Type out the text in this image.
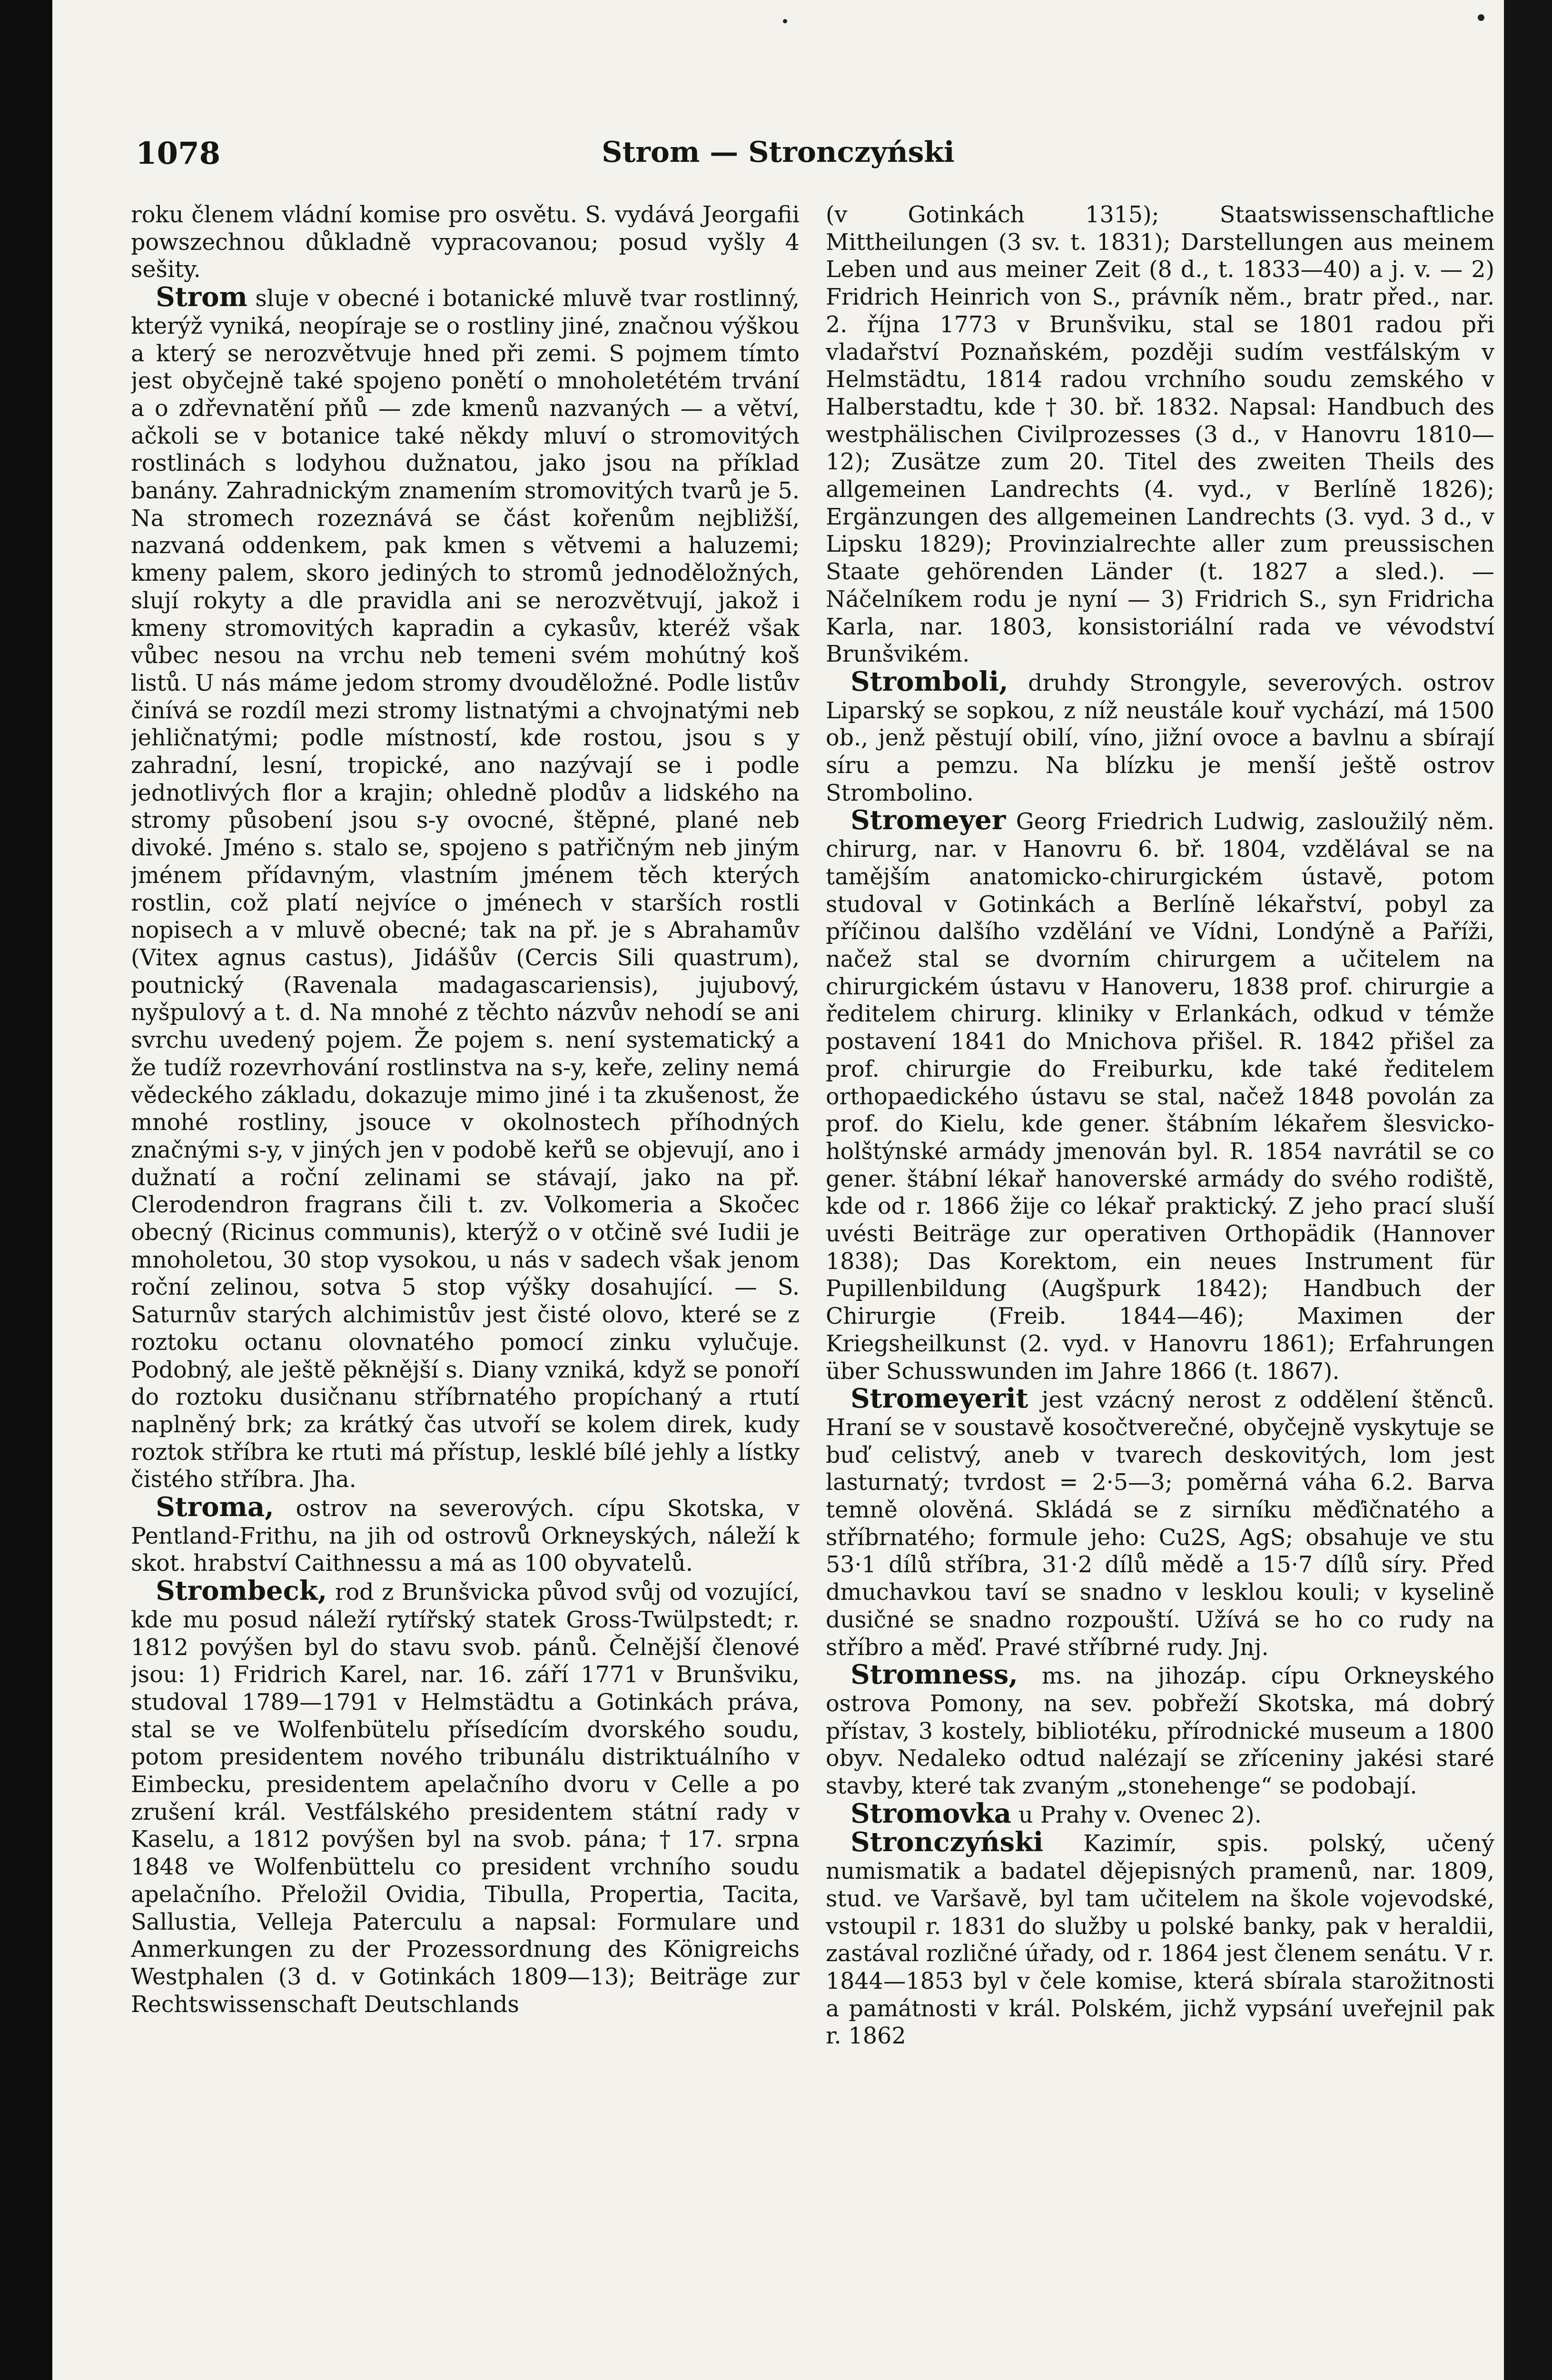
1078	Strom — Stronczyński

roku členem vládní komise pro osvětu. S. vydává Jeorgafii powszechnou důkladně vypracovanou; posud vyšly 4 sešity.

Strom sluje v obecné i botanické mluvě tvar rostlinný, kterýž vyniká, neopíraje se o rostliny jiné, značnou výškou a který se nerozvětvuje hned při zemi. S pojmem tímto jest obyčejně také spojeno ponětí o mnoholetétém trvání a o zdřevnatění pňů — zde kmenů nazvaných — a větví, ačkoli se v botanice také někdy mluví o stromovitých rostlinách s lodyhou dužnatou, jako jsou na příklad banány. Zahradnickým znamením stromovitých tvarů je 5. Na stromech rozeznává se část kořenům nejbližší, nazvaná oddenkem, pak kmen s větvemi a haluzemi; kmeny palem, skoro jediných to stromů jednoděložných, slují rokyty a dle pravidla ani se nerozvětvují, jakož i kmeny stromovitých kapradin a cykasův, kteréž však vůbec nesou na vrchu neb temeni svém mohútný koš listů. U nás máme jedom stromy dvouděložné. Podle listův činívá se rozdíl mezi stromy listnatými a chvojnatými neb jehličnatými; podle místností, kde rostou, jsou s y zahradní, lesní, tropické, ano nazývají se i podle jednotlivých flor a krajin; ohledně plodův a lidského na stromy působení jsou s-y ovocné, štěpné, plané neb divoké. Jméno s. stalo se, spojeno s patřičným neb jiným jménem přídavným, vlastním jménem těch kterých rostlin, což platí nejvíce o jménech v starších rostli nopisech a v mluvě obecné; tak na př. je s Abrahamův (Vitex agnus castus), Jidášův (Cercis Sili quastrum), poutnický (Ravenala madagascariensis), jujubový, nyšpulový a t. d. Na mnohé z těchto názvův nehodí se ani svrchu uvedený pojem. Že pojem s. není systematický a že tudíž rozevrhování rostlinstva na s-y, keře, zeliny nemá vědeckého základu, dokazuje mimo jiné i ta zkušenost, že mnohé rostliny, jsouce v okolnostech příhodných značnými s-y, v jiných jen v podobě keřů se objevují, ano i dužnatí a roční zelinami se stávají, jako na př. Clerodendron fragrans čili t. zv. Volkomeria a Skočec obecný (Ricinus communis), kterýž o v otčině své Iudii je mnoholetou, 30 stop vysokou, u nás v sadech však jenom roční zelinou, sotva 5 stop výšky dosahující. — S. Saturnův starých alchimistův jest čisté olovo, které se z roztoku octanu olovnatého pomocí zinku vylučuje. Podobný, ale ještě pěknější s. Diany vzniká, když se ponoří do roztoku dusičnanu stříbrnatého propíchaný a rtutí naplněný brk; za krátký čas utvoří se kolem direk, kudy roztok stříbra ke rtuti má přístup, lesklé bílé jehly a lístky čistého stříbra. Jha.

Stroma, ostrov na severových. cípu Skotska, v Pentland-Frithu, na jih od ostrovů Orkneyských, náleží k skot. hrabství Caithnessu a má as 100 obyvatelů.

Strombeck, rod z Brunšvicka původ svůj od vozující, kde mu posud náleží rytířský statek Gross-Twülpstedt; r. 1812 povýšen byl do stavu svob. pánů. Čelnější členové jsou: 1) Fridrich Karel, nar. 16. září 1771 v Brunšviku, studoval 1789—1791 v Helmstädtu a Gotinkách práva, stal se ve Wolfenbütelu přísedícím dvorského soudu, potom presidentem nového tribunálu distriktuálního v Eimbecku, presidentem apelačního dvoru v Celle a po zrušení král. Vestfálského presidentem státní rady v Kaselu, a 1812 povýšen byl na svob. pána; † 17. srpna 1848 ve Wolfenbüttelu co president vrchního soudu apelačního. Přeložil Ovidia, Tibulla, Propertia, Tacita, Sallustia, Velleja Paterculu a napsal: Formulare und Anmerkungen zu der Prozessordnung des Königreichs Westphalen (3 d. v Gotinkách 1809—13); Beiträge zur Rechtswissenschaft Deutschlands

(v Gotinkách 1315); Staatswissenschaftliche Mittheilungen (3 sv. t. 1831); Darstellungen aus meinem Leben und aus meiner Zeit (8 d., t. 1833—40) a j. v. — 2) Fridrich Heinrich von S., právník něm., bratr před., nar. 2. října 1773 v Brunšviku, stal se 1801 radou při vladařství Poznaňském, později sudím vestfálským v Helmstädtu, 1814 radou vrchního soudu zemského v Halberstadtu, kde † 30. bř. 1832. Napsal: Handbuch des westphälischen Civilprozesses (3 d., v Hanovru 1810—12); Zusätze zum 20. Titel des zweiten Theils des allgemeinen Landrechts (4. vyd., v Berlíně 1826); Ergänzungen des allgemeinen Landrechts (3. vyd. 3 d., v Lipsku 1829); Provinzialrechte aller zum preussischen Staate gehörenden Länder (t. 1827 a sled.). — Náčelníkem rodu je nyní — 3) Fridrich S., syn Fridricha Karla, nar. 1803, konsistoriální rada ve vévodství Brunšvikém.

Stromboli, druhdy Strongyle, severových. ostrov Liparský se sopkou, z níž neustále kouř vychází, má 1500 ob., jenž pěstují obilí, víno, jižní ovoce a bavlnu a sbírají síru a pemzu. Na blízku je menší ještě ostrov Strombolino.

Stromeyer Georg Friedrich Ludwig, zasloužilý něm. chirurg, nar. v Hanovru 6. bř. 1804, vzdělával se na tamějším anatomicko-chirurgickém ústavě, potom studoval v Gotinkách a Berlíně lékařství, pobyl za příčinou dalšího vzdělání ve Vídni, Londýně a Paříži, načež stal se dvorním chirurgem a učitelem na chirurgickém ústavu v Hanoveru, 1838 prof. chirurgie a ředitelem chirurg. kliniky v Erlankách, odkud v témže postavení 1841 do Mnichova přišel. R. 1842 přišel za prof. chirurgie do Freiburku, kde také ředitelem orthopaedického ústavu se stal, načež 1848 povolán za prof. do Kielu, kde gener. štábním lékařem šlesvicko-holštýnské armády jmenován byl. R. 1854 navrátil se co gener. štábní lékař hanoverské armády do svého rodiště, kde od r. 1866 žije co lékař praktický. Z jeho prací sluší uvésti Beiträge zur operativen Orthopädik (Hannover 1838); Das Korektom, ein neues Instrument für Pupillenbildung (Augšpurk 1842); Handbuch der Chirurgie (Freib. 1844—46); Maximen der Kriegsheilkunst (2. vyd. v Hanovru 1861); Erfahrungen über Schusswunden im Jahre 1866 (t. 1867).

Stromeyerit jest vzácný nerost z oddělení štěnců. Hraní se v soustavě kosočtverečné, obyčejně vyskytuje se buď celistvý, aneb v tvarech deskovitých, lom jest lasturnatý; tvrdost = 2·5—3; poměrná váha 6.2. Barva temně olověná. Skládá se z sirníku měďičnatého a stříbrnatého; formule jeho: Cu2S, AgS; obsahuje ve stu 53·1 dílů stříbra, 31·2 dílů mědě a 15·7 dílů síry. Před dmuchavkou taví se snadno v lesklou kouli; v kyselině dusičné se snadno rozpouští. Užívá se ho co rudy na stříbro a měď. Pravé stříbrné rudy. Jnj.

Stromness, ms. na jihozáp. cípu Orkneyského ostrova Pomony, na sev. pobřeží Skotska, má dobrý přístav, 3 kostely, bibliotéku, přírodnické museum a 1800 obyv. Nedaleko odtud nalézají se zříceniny jakési staré stavby, které tak zvaným „stonehenge“ se podobají.

Stromovka u Prahy v. Ovenec 2).

Stronczyński Kazimír, spis. polský, učený numismatik a badatel dějepisných pramenů, nar. 1809, stud. ve Varšavě, byl tam učitelem na škole vojevodské, vstoupil r. 1831 do služby u polské banky, pak v heraldii, zastával rozličné úřady, od r. 1864 jest členem senátu. V r. 1844—1853 byl v čele komise, která sbírala starožitnosti a památnosti v král. Polském, jichž vypsání uveřejnil pak r. 1862
